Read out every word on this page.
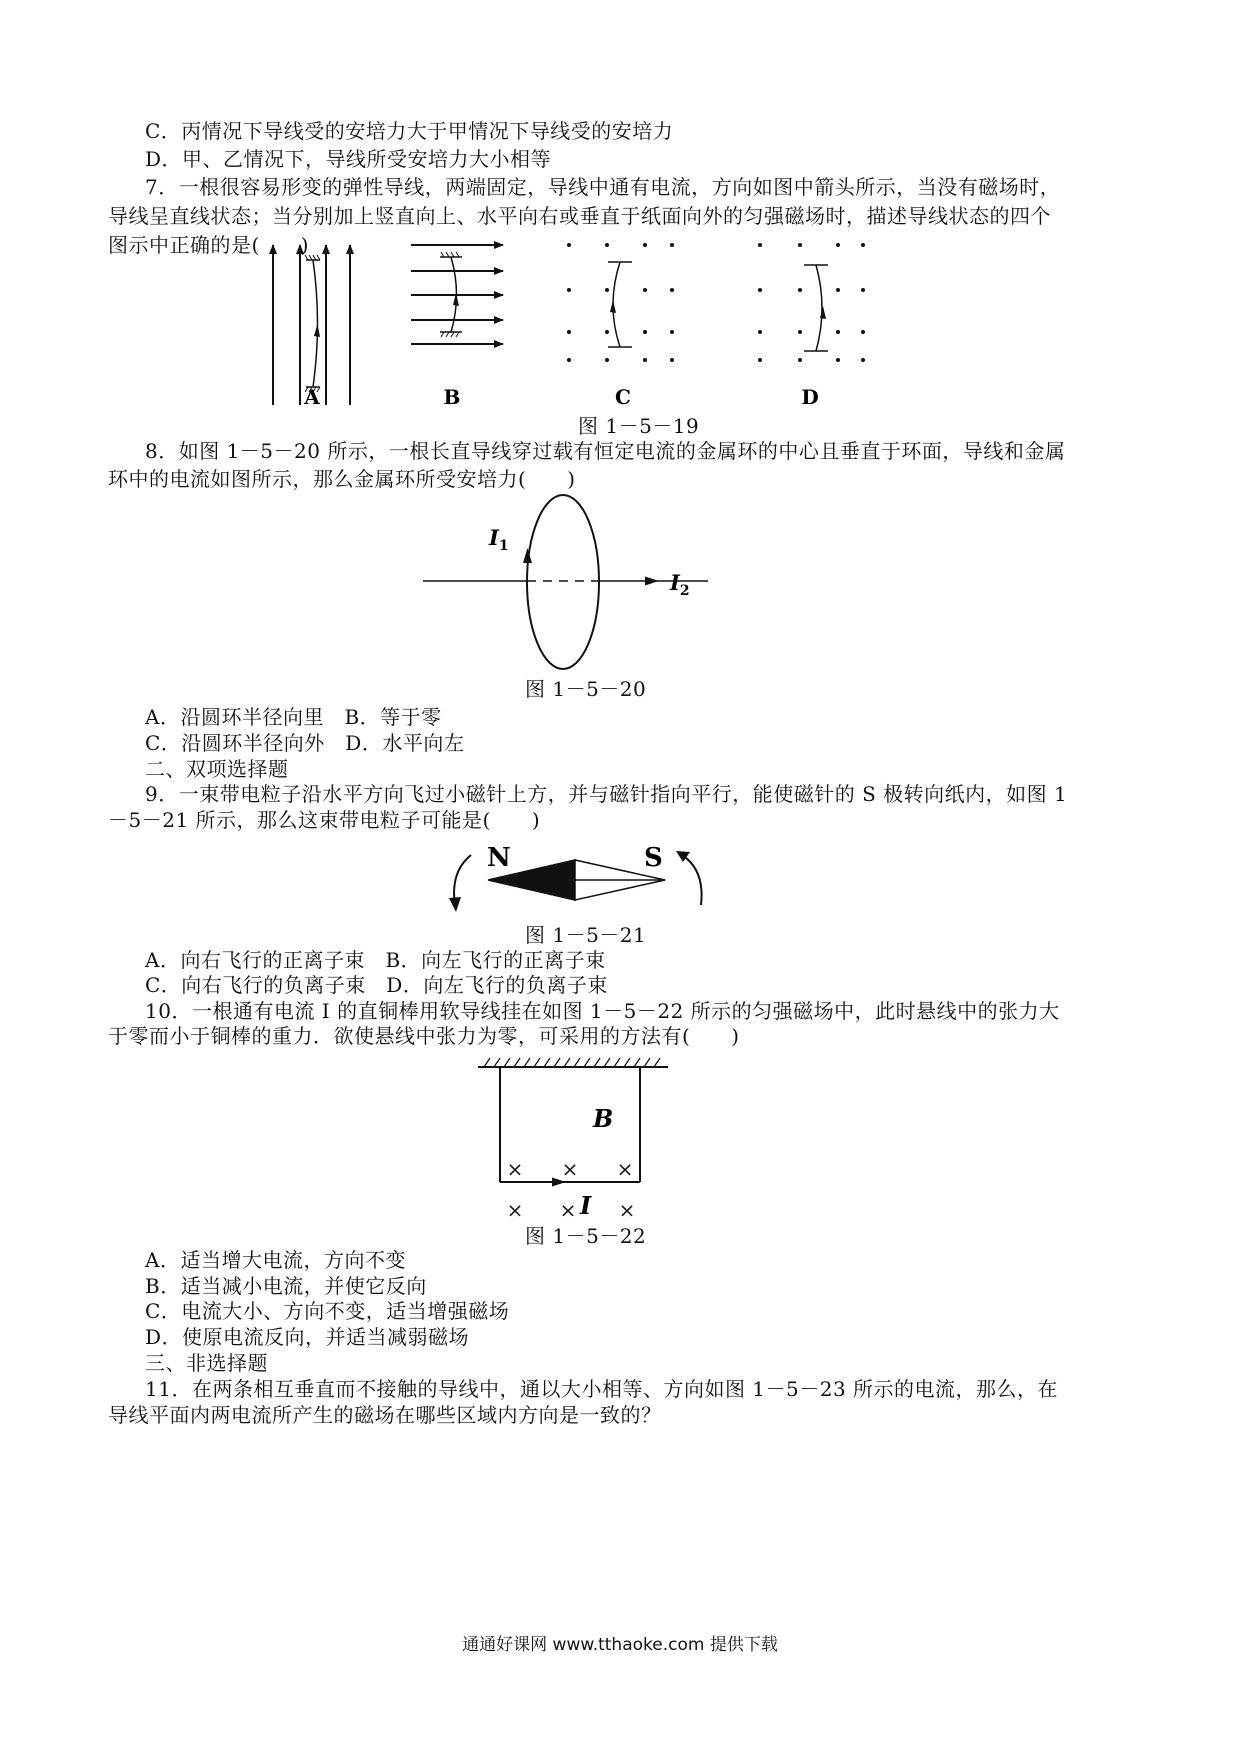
C．丙情况下导线受的安培力大于甲情况下导线受的安培力
D．甲、乙情况下，导线所受安培力大小相等
7．一根很容易形变的弹性导线，两端固定，导线中通有电流，方向如图中箭头所示，当没有磁场时，
导线呈直线状态；当分别加上竖直向上、水平向右或垂直于纸面向外的匀强磁场时，描述导线状态的四个
图示中正确的是(　　)
A	B	C	D
图 1－5－19
8．如图 1－5－20 所示，一根长直导线穿过载有恒定电流的金属环的中心且垂直于环面，导线和金属
环中的电流如图所示，那么金属环所受安培力(　　)
$I_1$
$I_2$
图 1－5－20
A．沿圆环半径向里　B．等于零
C．沿圆环半径向外　D．水平向左
二、双项选择题
9．一束带电粒子沿水平方向飞过小磁针上方，并与磁针指向平行，能使磁针的 S 极转向纸内，如图 1
－5－21 所示，那么这束带电粒子可能是(　　)
N	S
图 1－5－21
A．向右飞行的正离子束　B．向左飞行的正离子束
C．向右飞行的负离子束　D．向左飞行的负离子束
10．一根通有电流 I 的直铜棒用软导线挂在如图 1－5－22 所示的匀强磁场中，此时悬线中的张力大
于零而小于铜棒的重力．欲使悬线中张力为零，可采用的方法有(　　)
× × ×
× × ×
B
I
图 1－5－22
A．适当增大电流，方向不变
B．适当减小电流，并使它反向
C．电流大小、方向不变，适当增强磁场
D．使原电流反向，并适当减弱磁场
三、非选择题
11．在两条相互垂直而不接触的导线中，通以大小相等、方向如图 1－5－23 所示的电流，那么，在
导线平面内两电流所产生的磁场在哪些区域内方向是一致的？
通通好课网 www.tthaoke.com 提供下载
